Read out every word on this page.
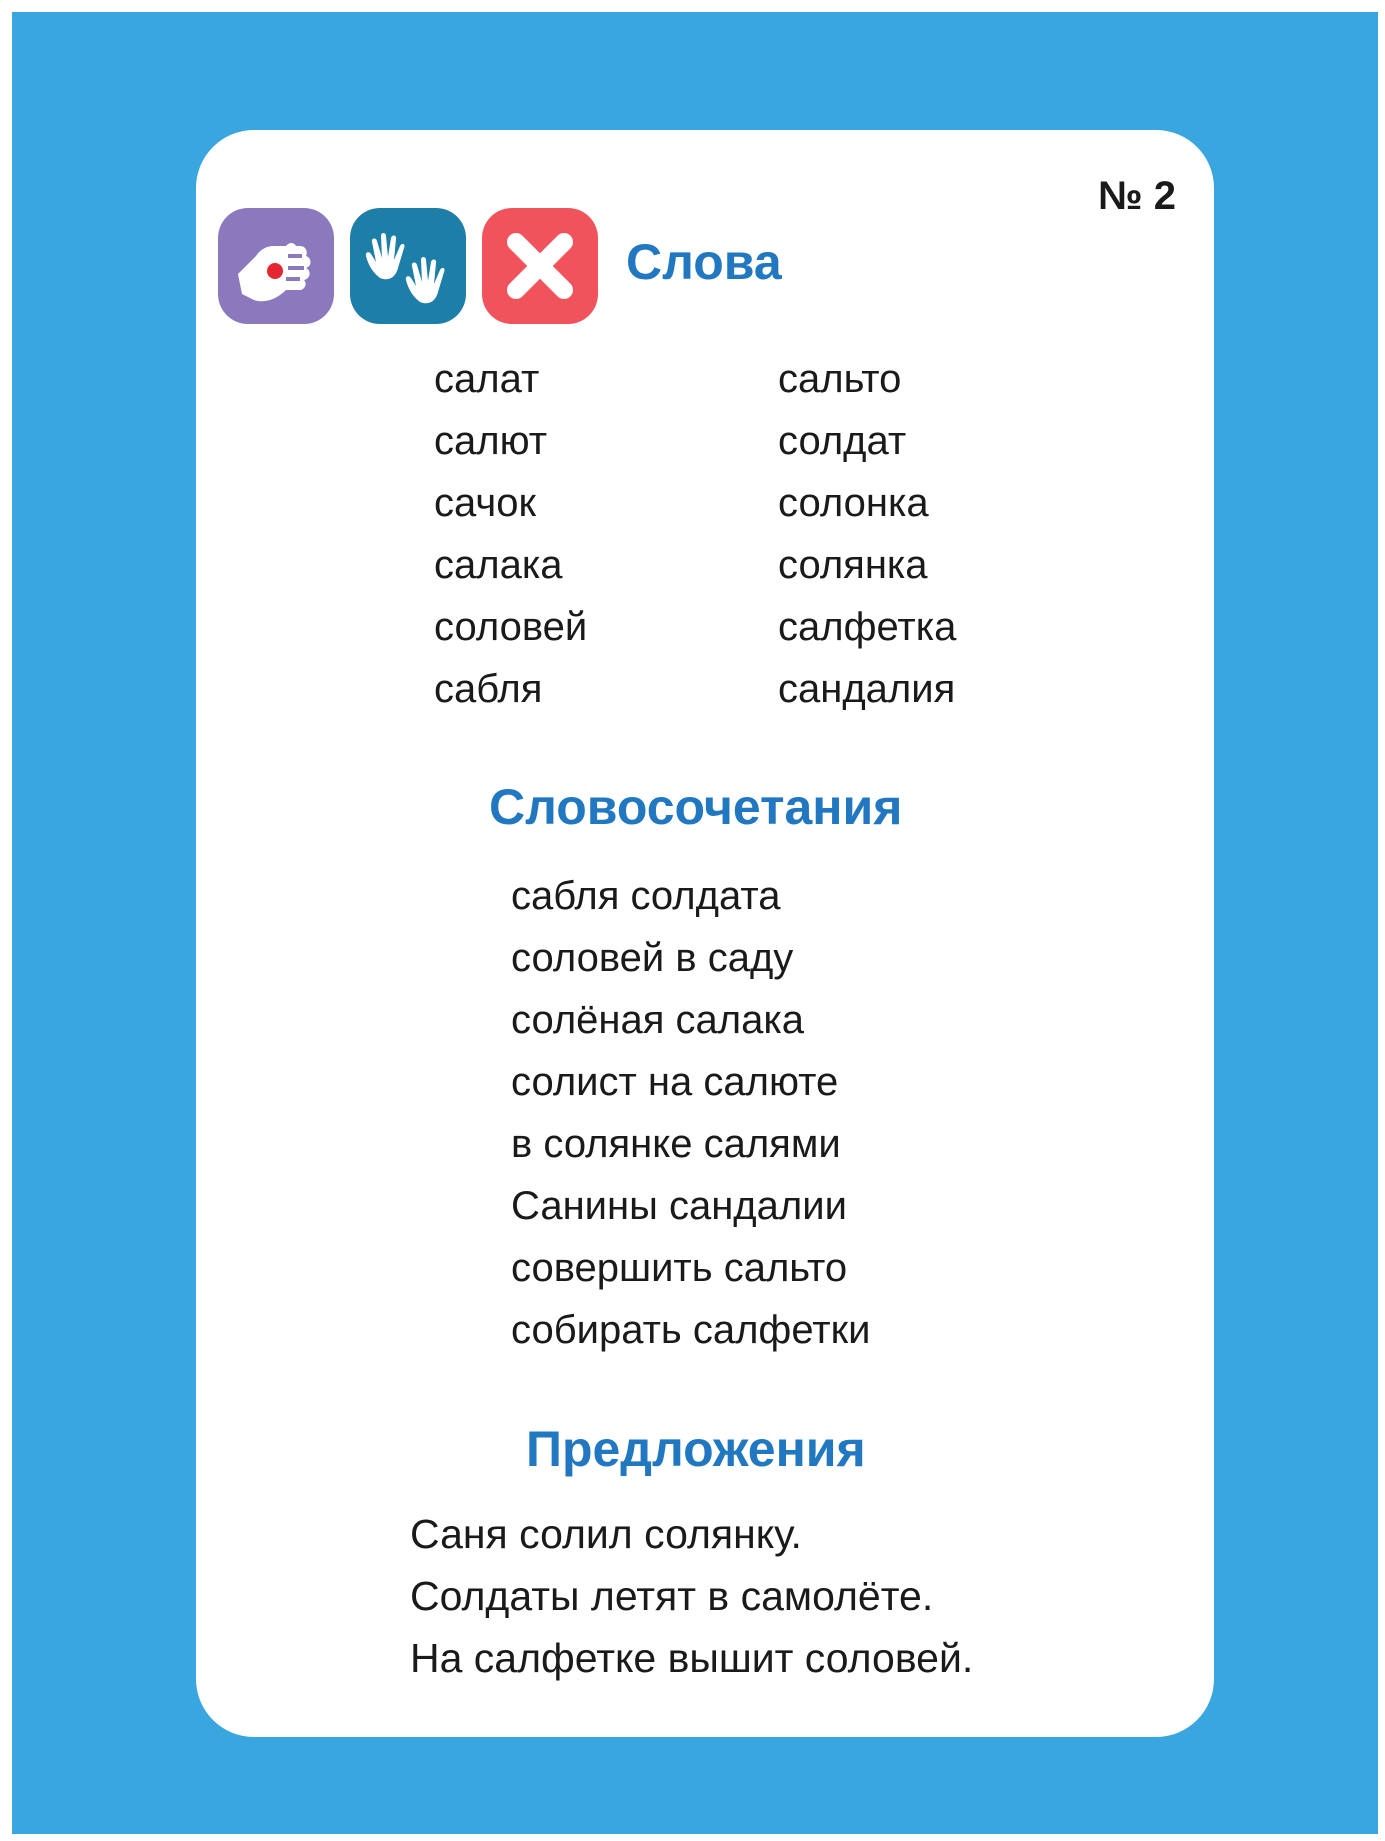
№ 2
Слова
салат
салют
сачок
салака
соловей
сабля
сальто
солдат
солонка
солянка
салфетка
сандалия
Словосочетания
сабля солдата
соловей в саду
солёная салака
солист на салюте
в солянке салями
Санины сандалии
совершить сальто
собирать салфетки
Предложения
Саня солил солянку.
Солдаты летят в самолёте.
На салфетке вышит соловей.
